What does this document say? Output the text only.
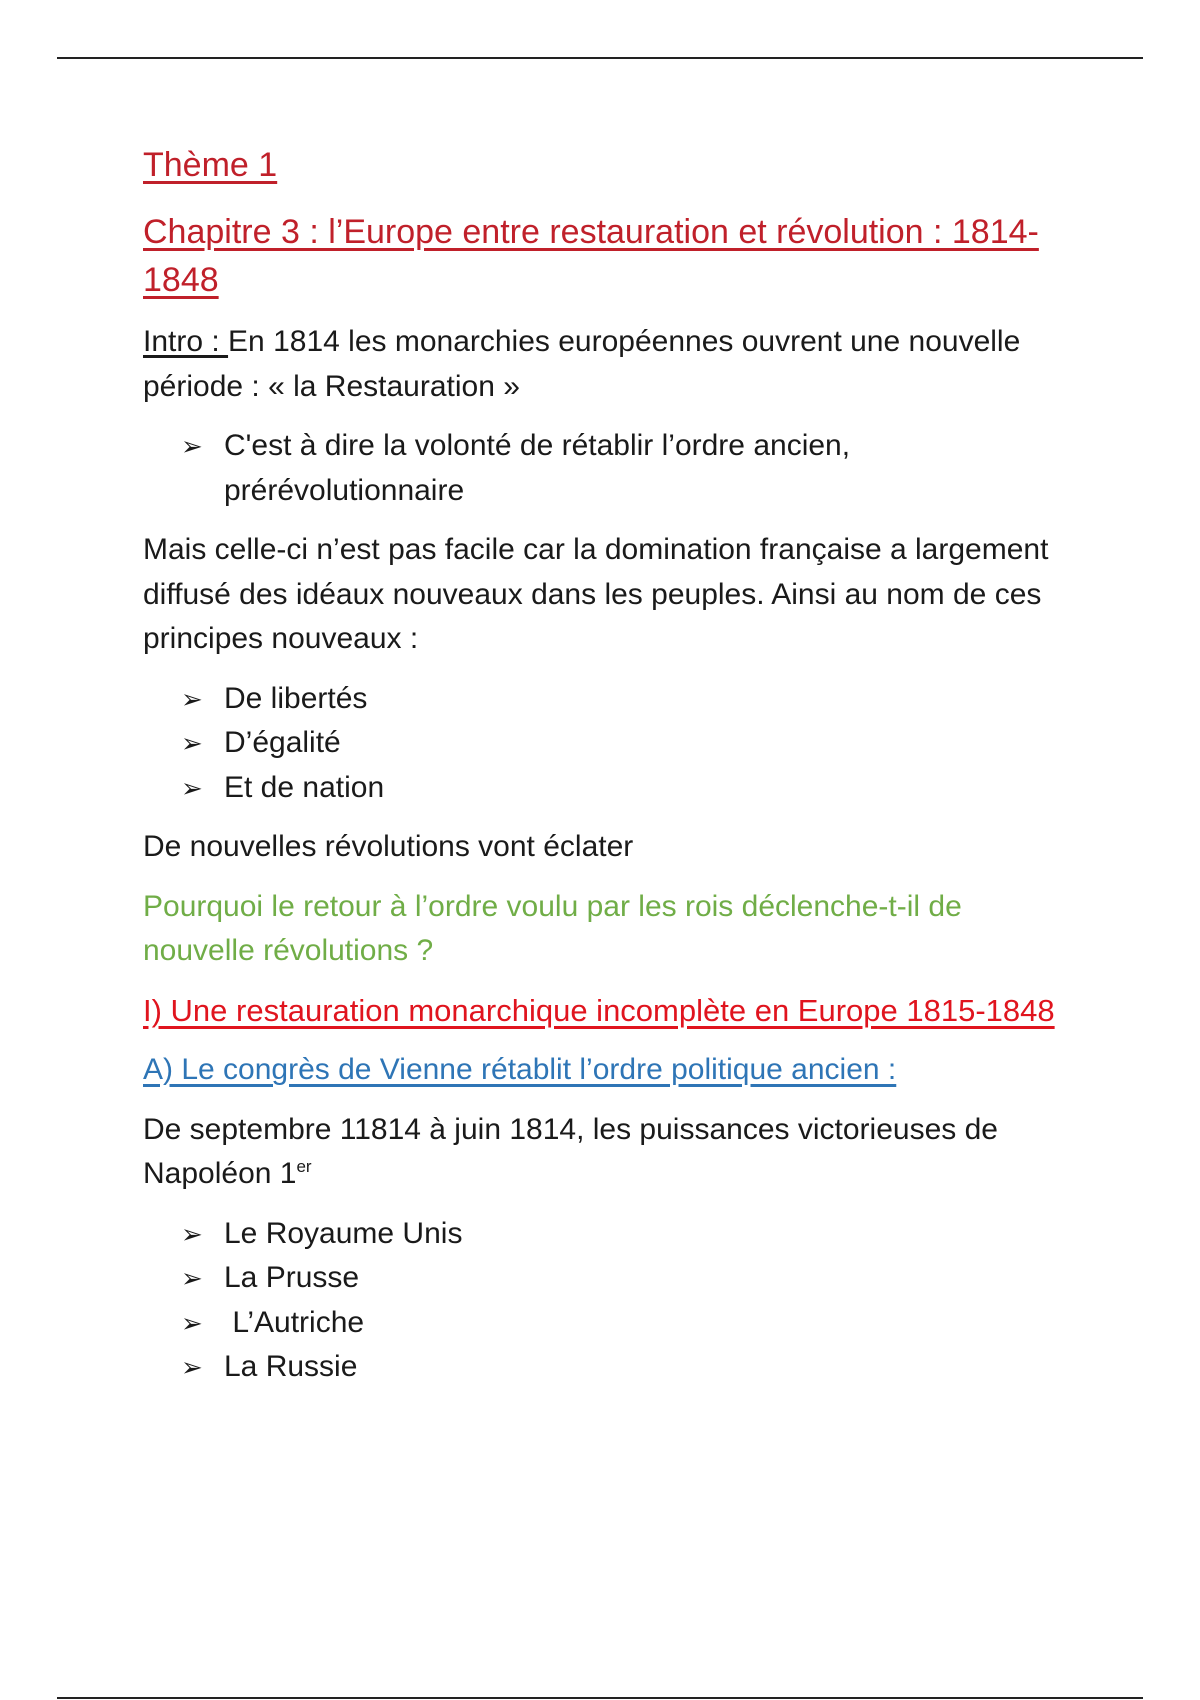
Thème 1

Chapitre 3 : l’Europe entre restauration et révolution : 1814-1848

Intro : En 1814 les monarchies européennes ouvrent une nouvelle période : « la Restauration »

➢ C'est à dire la volonté de rétablir l’ordre ancien, prérévolutionnaire

Mais celle-ci n’est pas facile car la domination française a largement diffusé des idéaux nouveaux dans les peuples. Ainsi au nom de ces principes nouveaux :

➢ De libertés
➢ D’égalité
➢ Et de nation

De nouvelles révolutions vont éclater

Pourquoi le retour à l’ordre voulu par les rois déclenche-t-il de nouvelle révolutions ?

I) Une restauration monarchique incomplète en Europe 1815-1848

A) Le congrès de Vienne rétablit l’ordre politique ancien :

De septembre 11814 à juin 1814, les puissances victorieuses de Napoléon 1er

➢ Le Royaume Unis
➢ La Prusse
➢ L’Autriche
➢ La Russie
